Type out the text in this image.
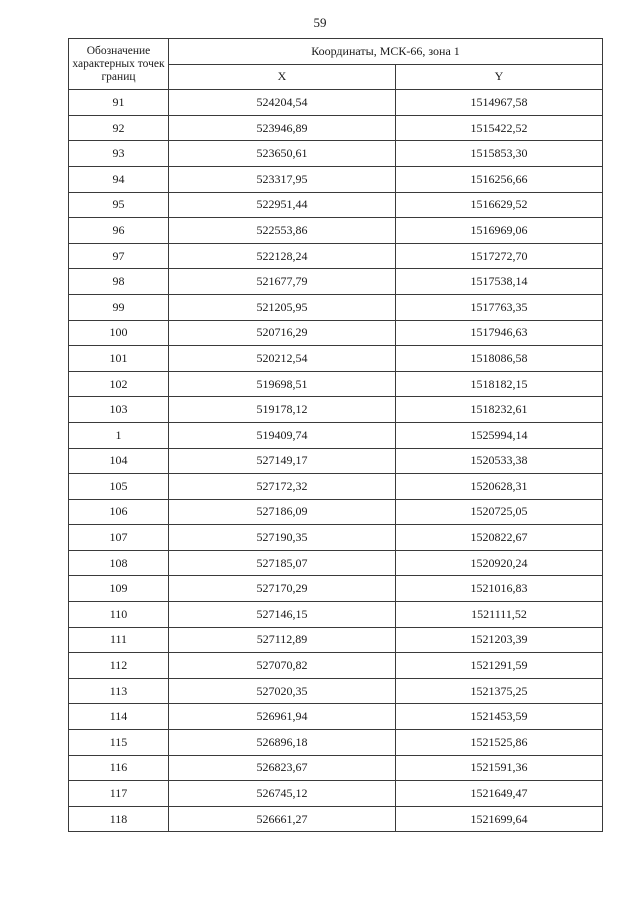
59
Обозначение характерных точек границ	Координаты, МСК-66, зона 1	
	X	Y
91	524204,54	1514967,58
92	523946,89	1515422,52
93	523650,61	1515853,30
94	523317,95	1516256,66
95	522951,44	1516629,52
96	522553,86	1516969,06
97	522128,24	1517272,70
98	521677,79	1517538,14
99	521205,95	1517763,35
100	520716,29	1517946,63
101	520212,54	1518086,58
102	519698,51	1518182,15
103	519178,12	1518232,61
1	519409,74	1525994,14
104	527149,17	1520533,38
105	527172,32	1520628,31
106	527186,09	1520725,05
107	527190,35	1520822,67
108	527185,07	1520920,24
109	527170,29	1521016,83
110	527146,15	1521111,52
111	527112,89	1521203,39
112	527070,82	1521291,59
113	527020,35	1521375,25
114	526961,94	1521453,59
115	526896,18	1521525,86
116	526823,67	1521591,36
117	526745,12	1521649,47
118	526661,27	1521699,64
